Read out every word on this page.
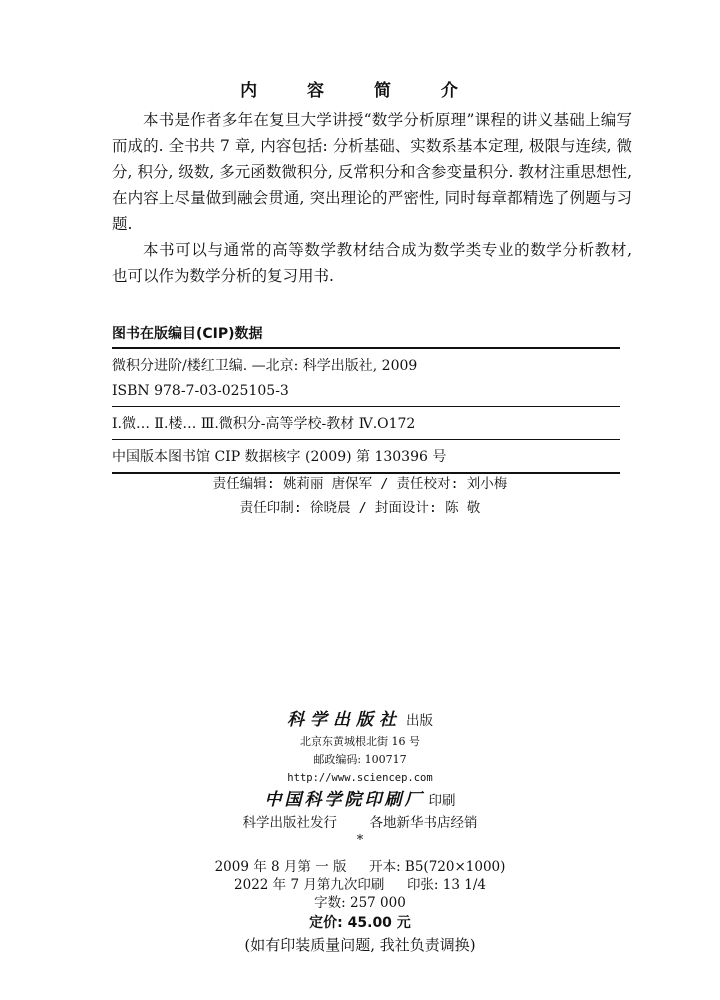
内 容 简 介

本书是作者多年在复旦大学讲授“数学分析原理”课程的讲义基础上编写而成的. 全书共 7 章, 内容包括: 分析基础、实数系基本定理, 极限与连续, 微分, 积分, 级数, 多元函数微积分, 反常积分和含参变量积分. 教材注重思想性, 在内容上尽量做到融会贯通, 突出理论的严密性, 同时每章都精选了例题与习题.

本书可以与通常的高等数学教材结合成为数学类专业的数学分析教材, 也可以作为数学分析的复习用书.

图书在版编目(CIP)数据
微积分进阶/楼红卫编. —北京: 科学出版社, 2009
ISBN 978-7-03-025105-3
Ⅰ.微… Ⅱ.楼… Ⅲ.微积分-高等学校-教材 Ⅳ.O172
中国版本图书馆 CIP 数据核字 (2009) 第 130396 号
责任编辑: 姚莉丽 唐保军 / 责任校对: 刘小梅
责任印制: 徐晓晨 / 封面设计: 陈 敬
科学出版社 出版
北京东黄城根北街 16 号
邮政编码: 100717
http://www.sciencep.com
中国科学院印刷厂 印刷
科学出版社发行 各地新华书店经销
*
2009 年 8 月第 一 版 开本: B5(720×1000)
2022 年 7 月第九次印刷 印张: 13 1/4
字数: 257 000
定价: 45.00 元
(如有印装质量问题, 我社负责调换)
